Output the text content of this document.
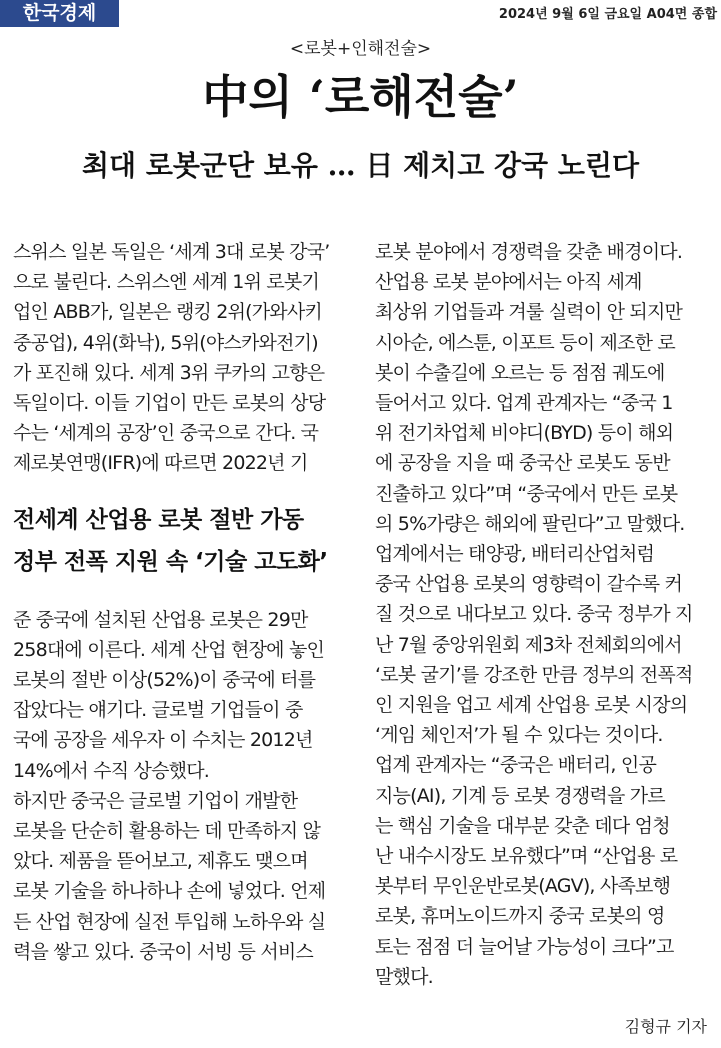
한국경제	2024년 9월 6일 금요일 A04면 종합
<로봇+인해전술>
中의 ‘로해전술’
최대 로봇군단 보유 … 日 제치고 강국 노린다

스위스 일본 독일은 ‘세계 3대 로봇 강국’

으로 불린다. 스위스엔 세계 1위 로봇기

업인 ABB가, 일본은 랭킹 2위(가와사키

중공업), 4위(화낙), 5위(야스카와전기)

가 포진해 있다. 세계 3위 쿠카의 고향은

독일이다. 이들 기업이 만든 로봇의 상당

수는 ‘세계의 공장’인 중국으로 간다. 국

제로봇연맹(IFR)에 따르면 2022년 기

전세계 산업용 로봇 절반 가동
정부 전폭 지원 속 ‘기술 고도화’

준 중국에 설치된 산업용 로봇은 29만

258대에 이른다. 세계 산업 현장에 놓인

로봇의 절반 이상(52%)이 중국에 터를

잡았다는 얘기다. 글로벌 기업들이 중

국에 공장을 세우자 이 수치는 2012년

14%에서 수직 상승했다.

하지만 중국은 글로벌 기업이 개발한

로봇을 단순히 활용하는 데 만족하지 않

았다. 제품을 뜯어보고, 제휴도 맺으며

로봇 기술을 하나하나 손에 넣었다. 언제

든 산업 현장에 실전 투입해 노하우와 실

력을 쌓고 있다. 중국이 서빙 등 서비스

로봇 분야에서 경쟁력을 갖춘 배경이다.

산업용 로봇 분야에서는 아직 세계

최상위 기업들과 겨룰 실력이 안 되지만

시아순, 에스툰, 이포트 등이 제조한 로

봇이 수출길에 오르는 등 점점 궤도에

들어서고 있다. 업계 관계자는 “중국 1

위 전기차업체 비야디(BYD) 등이 해외

에 공장을 지을 때 중국산 로봇도 동반

진출하고 있다”며 “중국에서 만든 로봇

의 5%가량은 해외에 팔린다”고 말했다.

업계에서는 태양광, 배터리산업처럼

중국 산업용 로봇의 영향력이 갈수록 커

질 것으로 내다보고 있다. 중국 정부가 지

난 7월 중앙위원회 제3차 전체회의에서

‘로봇 굴기’를 강조한 만큼 정부의 전폭적

인 지원을 업고 세계 산업용 로봇 시장의

‘게임 체인저’가 될 수 있다는 것이다.

업계 관계자는 “중국은 배터리, 인공

지능(AI), 기계 등 로봇 경쟁력을 가르

는 핵심 기술을 대부분 갖춘 데다 엄청

난 내수시장도 보유했다”며 “산업용 로

봇부터 무인운반로봇(AGV), 사족보행

로봇, 휴머노이드까지 중국 로봇의 영

토는 점점 더 늘어날 가능성이 크다”고

말했다.

김형규 기자
